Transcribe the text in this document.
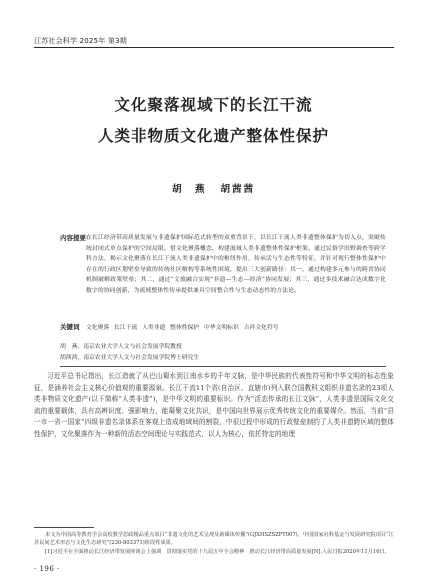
江苏社会科学 2025年 第3期
文化聚落视域下的长江干流
人类非物质文化遗产整体性保护
胡　燕 胡茜茜
内容提要 在长江经济带高质量发展与非遗保护国际范式转型的双重背景下，以长江干流人类非遗整体保护为切入点，突破传统封闭式单点保护的空间局限，借文化聚落概念，构建流域人类非遗整体性保护框架。通过民俗学田野调查等跨学科方法，揭示文化聚落在长江干流人类非遗保护中的枢纽作用，传承活与生态性等特征，并针对现行整体性保护中存在的行政区划壁垒导致的传统社区解构等系统性困境，提出三大创新路径：其一，通过构建多元参与的跨省协同机制破解政策壁垒；其二，通过“文旅融合实现”非遗—生态—经济“协同发展；其三，通过多技术融合达成数字化数字的协同创新，为流域整体性传承提供兼具空间整合性与生态动态性的方法论。
关键词 文化聚落 长江干流 人类非遗 整体性保护 中华文明标识 吉祥文化符号
胡　燕，南京农业大学人文与社会发展学院教授
胡茜茜，南京农业大学人文与社会发展学院博士研究生
习近平总书记指出，长江造就了从巴山蜀水到江南水乡的千年文脉，是中华民族的代表性符号和中华文明的标志性象征，是涵养社会主义核心价值观的重要源泉。长江干流11个省(自治区、直辖市)列入联合国教科文组织非遗名录的23项人类非物质文化遗产(以下简称“人类非遗”)，是中华文明的重要标识。作为“活态传承的长江文脉”，人类非遗是国际文化交流的重要载体，具有高辨识度、强影响力，能凝聚文化共识，是中国向世界展示优秀传统文化的重要媒介。然而，当前“县一市一省一国家”四级非遗名录体系在客观上造成地域间的割裂，中很过程中形成的行政壁垒制约了人类非遗跨区域的整体性保护，文化聚落作为一种新的活态空间理论与实践范式，以人为核心，依托特定的地理

本文为中国高等教育学会高校教学思政精品重点项目“非遗文化的艺术呈现及新媒体传播”(GJXHSZSZPT007)、中国国家社科基金与发展研究院项目“江苏民间艺术形态与文化生态研究”(230-803371)阶段性成果。

[1]习近平在全面推动长江经济带发展座谈会上强调　贯彻落实党的十九届五中全会精神　推动长江经济带高质量发展[N].人民日报2020年11月16日。

· 196 ·
